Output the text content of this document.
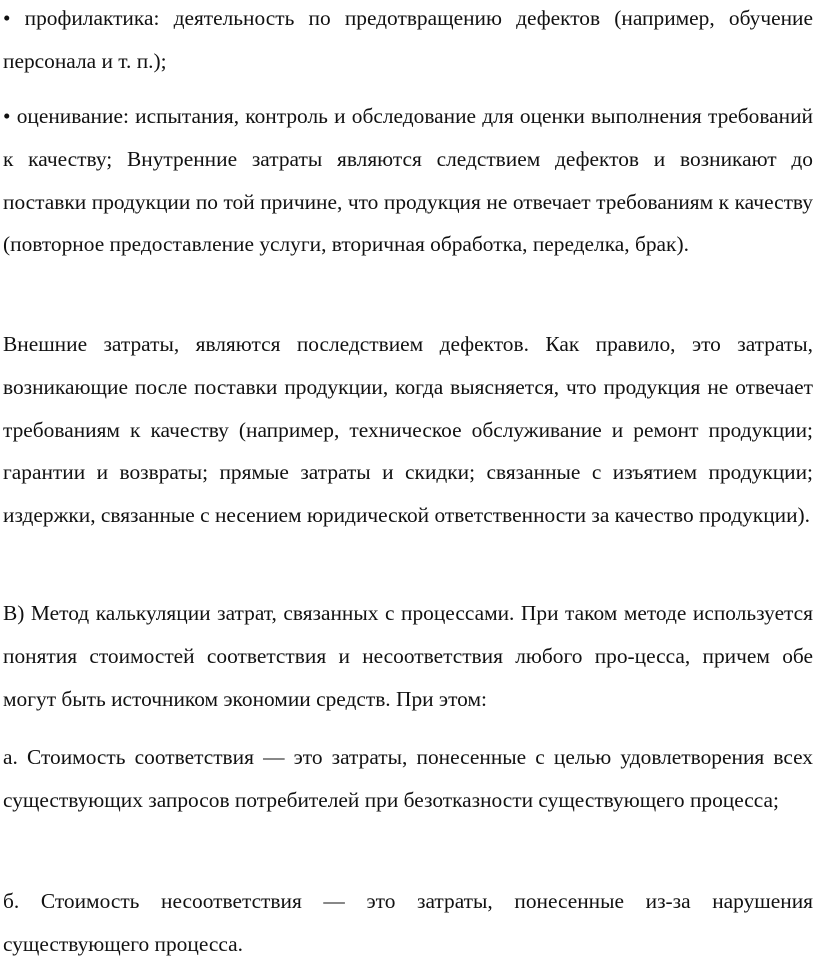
• профилактика: деятельность по предотвращению дефектов (например, обучение персонала и т. п.);

• оценивание: испытания, контроль и обследование для оценки выполнения требований к качеству; Внутренние затраты являются следствием дефектов и возникают до поставки продукции по той причине, что продукция не отвечает требованиям к качеству (повторное предоставление услуги, вторичная обработка, переделка, брак).

Внешние затраты, являются последствием дефектов. Как правило, это затраты, возникающие после поставки продукции, когда выясняется, что продукция не отвечает требованиям к качеству (например, техническое обслуживание и ремонт продукции; гарантии и возвраты; прямые затраты и скидки; связанные с изъятием продукции; издержки, связанные с несением юридической ответственности за качество продукции).

В) Метод калькуляции затрат, связанных с процессами. При таком методе используется понятия стоимостей соответствия и несоответствия любого про-цесса, причем обе могут быть источником экономии средств. При этом:

а. Стоимость соответствия — это затраты, понесенные с целью удовлетворения всех существующих запросов потребителей при безотказности существующего процесса;

б. Стоимость несоответствия — это затраты, понесенные из-за нарушения существующего процесса.
